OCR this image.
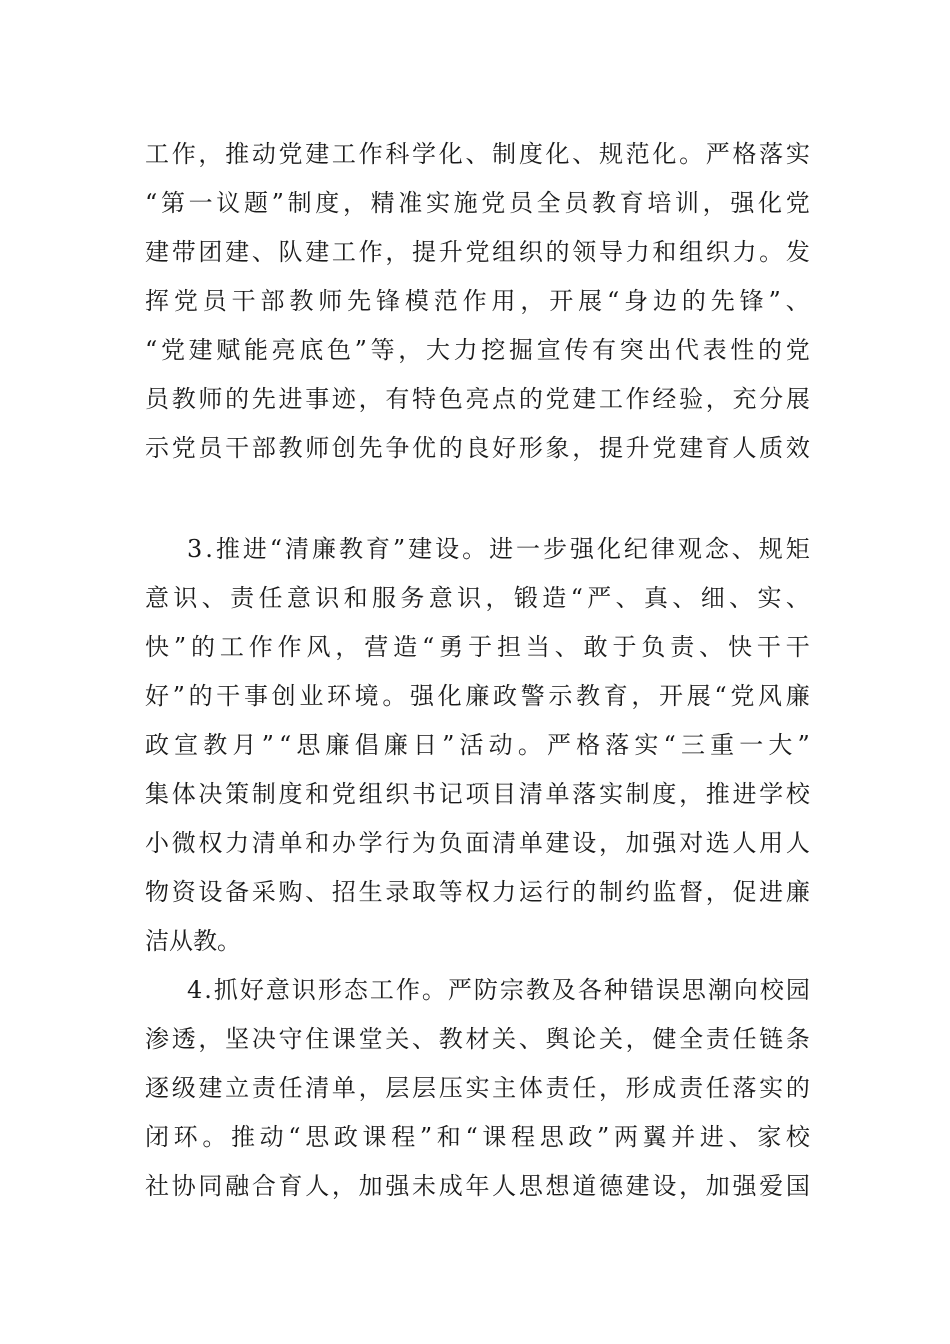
工 作 ， 推 动 党 建 工 作 科 学 化 、 制 度 化 、 规 范 化 。 严 格 落 实
“ 第 一 议 题 ” 制 度 ， 精 准 实 施 党 员 全 员 教 育 培 训 ， 强 化 党
建 带 团 建 、 队 建 工 作 ， 提 升 党 组 织 的 领 导 力 和 组 织 力 。 发
挥 党 员 干 部 教 师 先 锋 模 范 作 用 ， 开 展 “ 身 边 的 先 锋 ” 、
“ 党 建 赋 能 亮 底 色 ” 等 ， 大 力 挖 掘 宣 传 有 突 出 代 表 性 的 党
员 教 师 的 先 进 事 迹 ， 有 特 色 亮 点 的 党 建 工 作 经 验 ， 充 分 展
示 党 员 干 部 教 师 创 先 争 优 的 良 好 形 象 ， 提 升 党 建 育 人 质 效
3 . 推 进 “ 清 廉 教 育 ” 建 设 。 进 一 步 强 化 纪 律 观 念 、 规 矩
意 识 、 责 任 意 识 和 服 务 意 识 ， 锻 造 “ 严 、 真 、 细 、 实 、
快 ” 的 工 作 作 风 ， 营 造 “ 勇 于 担 当 、 敢 于 负 责 、 快 干 干
好 ” 的 干 事 创 业 环 境 。 强 化 廉 政 警 示 教 育 ， 开 展 “ 党 风 廉
政 宣 教 月 ” “ 思 廉 倡 廉 日 ” 活 动 。 严 格 落 实 “ 三 重 一 大 ”
集 体 决 策 制 度 和 党 组 织 书 记 项 目 清 单 落 实 制 度 ， 推 进 学 校
小 微 权 力 清 单 和 办 学 行 为 负 面 清 单 建 设 ， 加 强 对 选 人 用 人
物 资 设 备 采 购 、 招 生 录 取 等 权 力 运 行 的 制 约 监 督 ， 促 进 廉
洁从教。
4 . 抓 好 意 识 形 态 工 作 。 严 防 宗 教 及 各 种 错 误 思 潮 向 校 园
渗 透 ， 坚 决 守 住 课 堂 关 、 教 材 关 、 舆 论 关 ， 健 全 责 任 链 条
逐 级 建 立 责 任 清 单 ， 层 层 压 实 主 体 责 任 ， 形 成 责 任 落 实 的
闭 环 。 推 动 “ 思 政 课 程 ” 和 “ 课 程 思 政 ” 两 翼 并 进 、 家 校
社 协 同 融 合 育 人 ， 加 强 未 成 年 人 思 想 道 德 建 设 ， 加 强 爱 国
